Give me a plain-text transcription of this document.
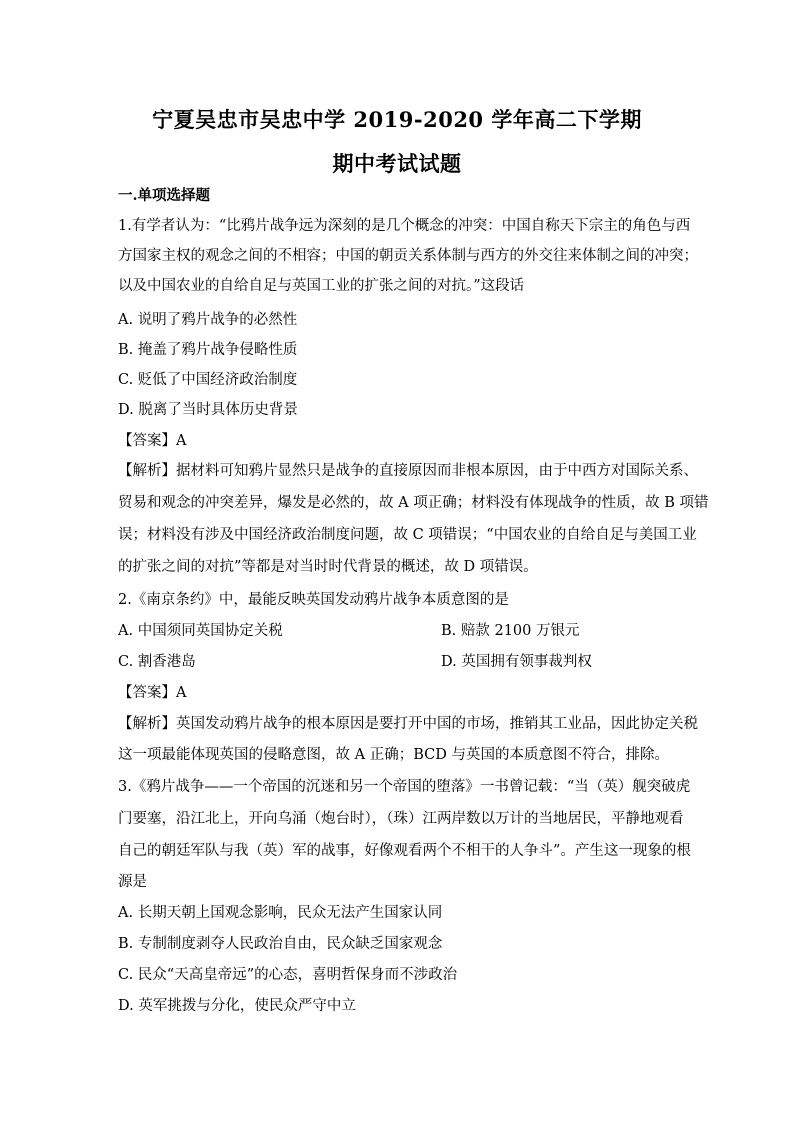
宁夏吴忠市吴忠中学 2019-2020 学年高二下学期
期中考试试题
一.单项选择题
1.有学者认为：“比鸦片战争远为深刻的是几个概念的冲突：中国自称天下宗主的角色与西
方国家主权的观念之间的不相容；中国的朝贡关系体制与西方的外交往来体制之间的冲突；
以及中国农业的自给自足与英国工业的扩张之间的对抗。”这段话
A. 说明了鸦片战争的必然性
B. 掩盖了鸦片战争侵略性质
C. 贬低了中国经济政治制度
D. 脱离了当时具体历史背景
【答案】A
【解析】据材料可知鸦片显然只是战争的直接原因而非根本原因，由于中西方对国际关系、
贸易和观念的冲突差异，爆发是必然的，故 A 项正确；材料没有体现战争的性质，故 B 项错
误；材料没有涉及中国经济政治制度问题，故 C 项错误；“中国农业的自给自足与美国工业
的扩张之间的对抗”等都是对当时时代背景的概述，故 D 项错误。
2.《南京条约》中，最能反映英国发动鸦片战争本质意图的是
A. 中国须同英国协定关税	B. 赔款 2100 万银元
C. 割香港岛	D. 英国拥有领事裁判权
【答案】A
【解析】英国发动鸦片战争的根本原因是要打开中国的市场，推销其工业品，因此协定关税
这一项最能体现英国的侵略意图，故 A 正确；BCD 与英国的本质意图不符合，排除。
3.《鸦片战争——一个帝国的沉迷和另一个帝国的堕落》一书曾记载：“当（英）舰突破虎
门要塞，沿江北上，开向乌涌（炮台时），（珠）江两岸数以万计的当地居民，平静地观看
自己的朝廷军队与我（英）军的战事，好像观看两个不相干的人争斗”。产生这一现象的根
源是
A. 长期天朝上国观念影响，民众无法产生国家认同
B. 专制制度剥夺人民政治自由，民众缺乏国家观念
C. 民众“天高皇帝远”的心态，喜明哲保身而不涉政治
D. 英军挑拨与分化，使民众严守中立
